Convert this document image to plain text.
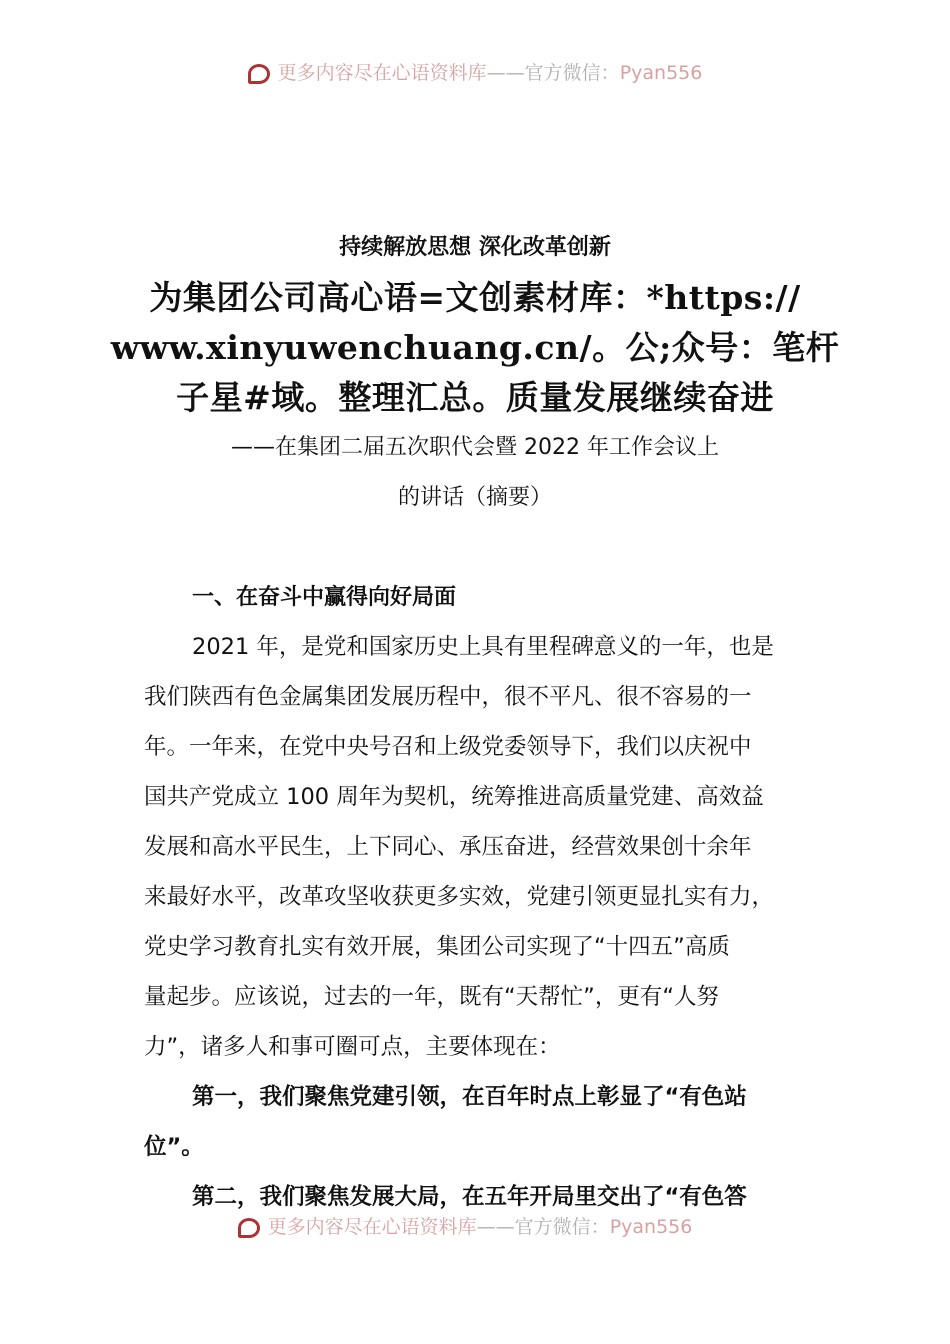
更多内容尽在心语资料库——官方微信：Pyan556
持续解放思想 深化改革创新
为集团公司高心语=文创素材库：*https://
www.xinyuwenchuang.cn/。公;众号：笔杆
子星#域。整理汇总。质量发展继续奋进
——在集团二届五次职代会暨 2022 年工作会议上
的讲话（摘要）
一、在奋斗中赢得向好局面
2021 年，是党和国家历史上具有里程碑意义的一年，也是
我们陕西有色金属集团发展历程中，很不平凡、很不容易的一
年。一年来，在党中央号召和上级党委领导下，我们以庆祝中
国共产党成立 100 周年为契机，统筹推进高质量党建、高效益
发展和高水平民生，上下同心、承压奋进，经营效果创十余年
来最好水平，改革攻坚收获更多实效，党建引领更显扎实有力，
党史学习教育扎实有效开展，集团公司实现了“十四五”高质
量起步。应该说，过去的一年，既有“天帮忙”，更有“人努
力”，诸多人和事可圈可点，主要体现在：
第一，我们聚焦党建引领，在百年时点上彰显了“有色站
位”。
第二，我们聚焦发展大局，在五年开局里交出了“有色答
更多内容尽在心语资料库——官方微信：Pyan556
